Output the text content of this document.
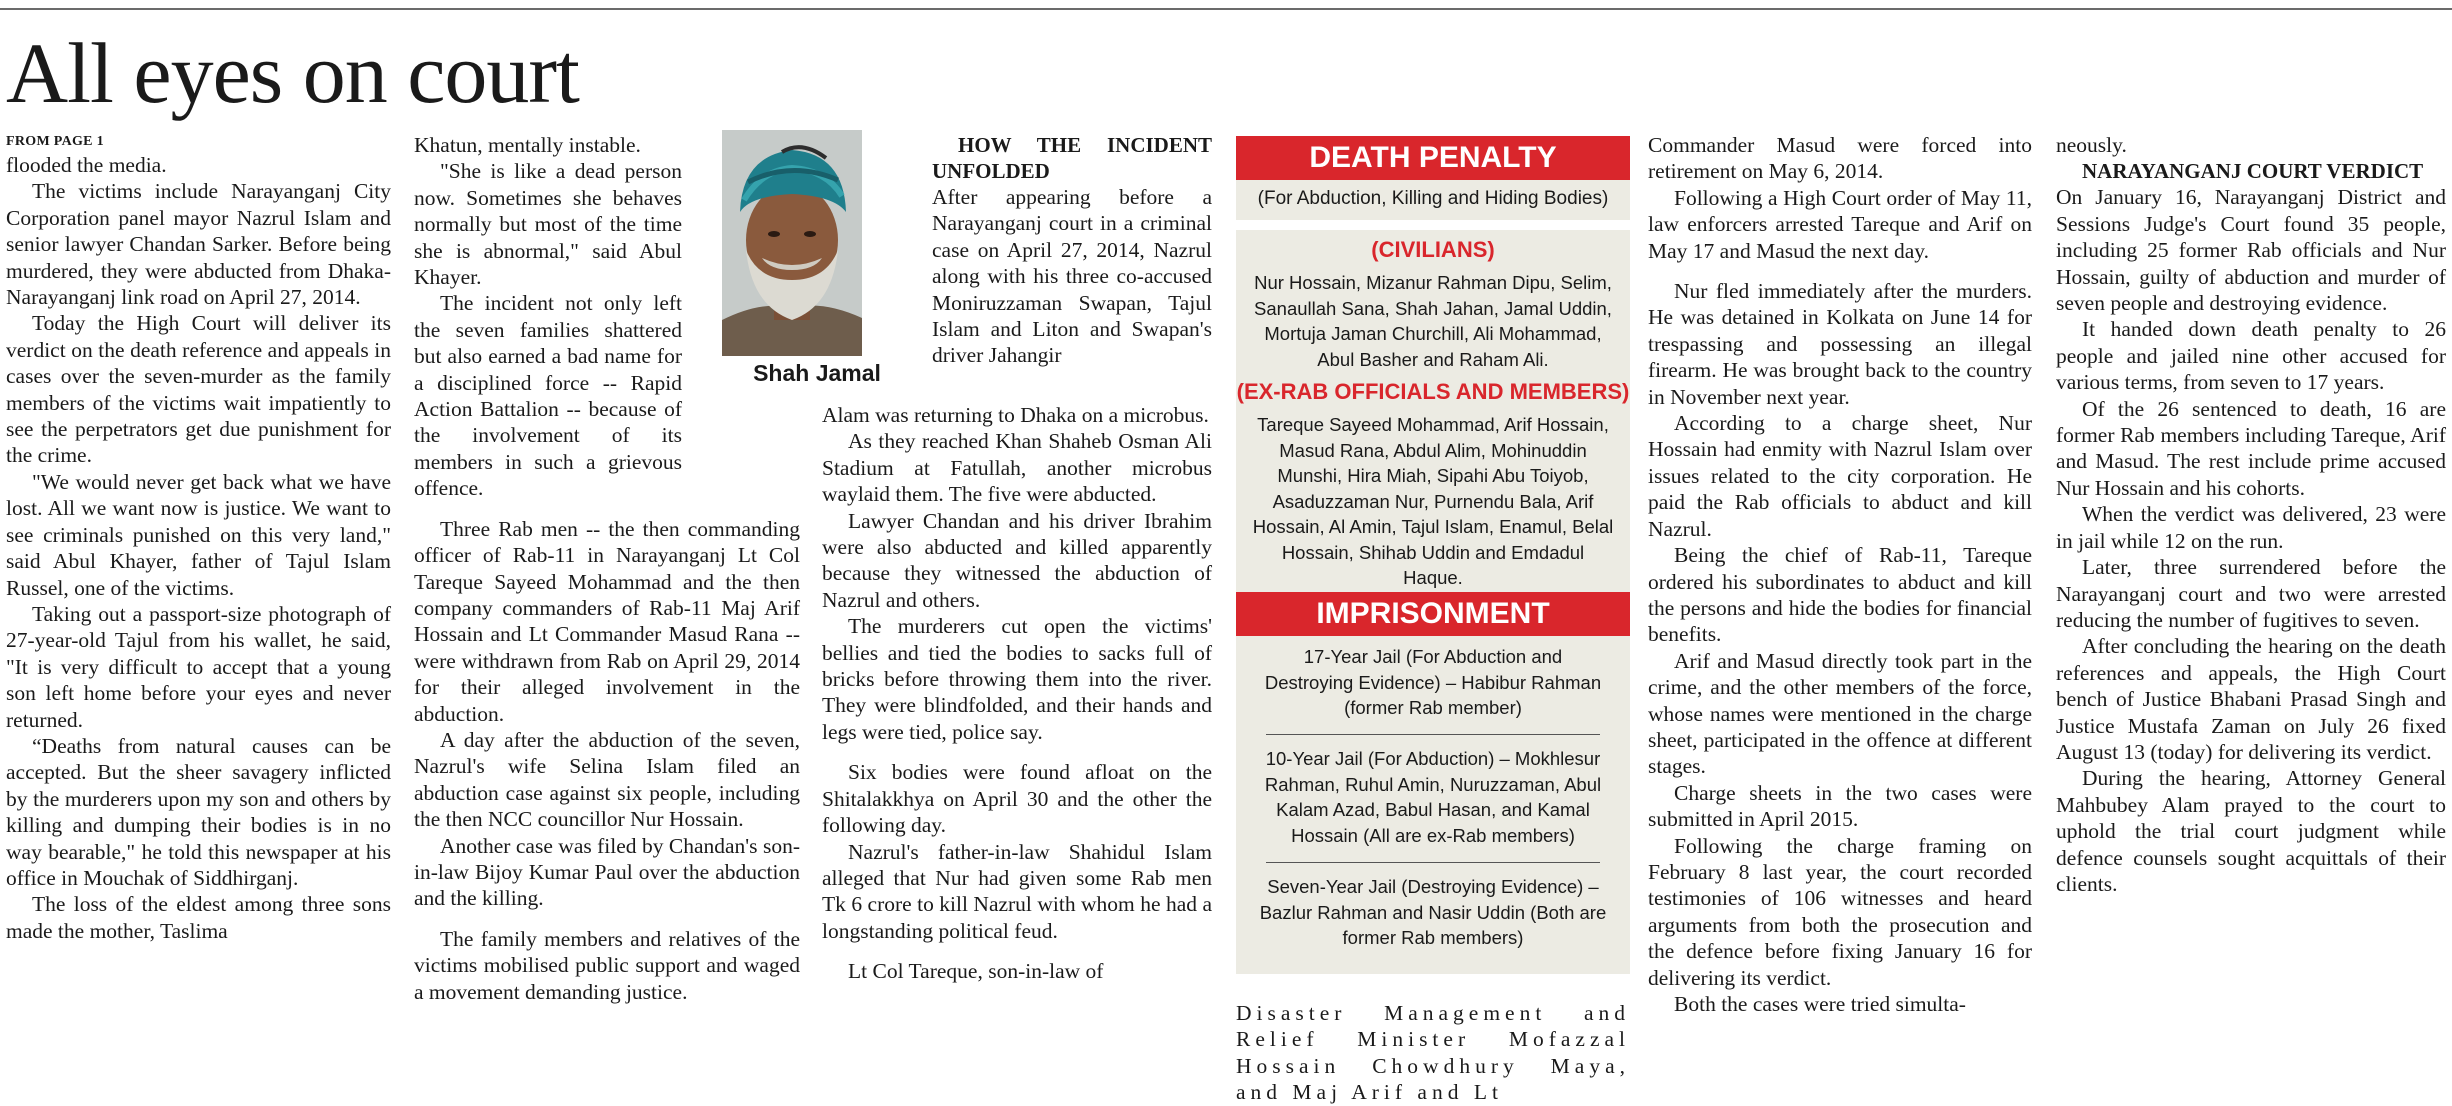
All eyes on court
FROM PAGE 1

flooded the media.

The victims include Narayanganj City Corporation panel mayor Nazrul Islam and senior lawyer Chandan Sarker. Before being murdered, they were abducted from Dhaka-Narayanganj link road on April 27, 2014.

Today the High Court will deliver its verdict on the death reference and appeals in cases over the seven-murder as the family members of the victims wait impatiently to see the perpetrators get due punishment for the crime.

"We would never get back what we have lost. All we want now is justice. We want to see criminals punished on this very land," said Abul Khayer, father of Tajul Islam Russel, one of the victims.

Taking out a passport-size photograph of 27-year-old Tajul from his wallet, he said, "It is very difficult to accept that a young son left home before your eyes and never returned.

“Deaths from natural causes can be accepted. But the sheer savagery inflicted by the murderers upon my son and others by killing and dumping their bodies is in no way bearable," he told this newspaper at his office in Mouchak of Siddhirganj.

The loss of the eldest among three sons made the mother, Taslima

Khatun, mentally instable.

"She is like a dead person now. Sometimes she behaves normally but most of the time she is abnormal," said Abul Khayer.

The incident not only left the seven families shattered but also earned a bad name for a disciplined force -- Rapid Action Battalion -- because of the involvement of its members in such a grievous offence.

Three Rab men -- the then commanding officer of Rab-11 in Narayanganj Lt Col Tareque Sayeed Mohammad and the then company commanders of Rab-11 Maj Arif Hossain and Lt Commander Masud Rana -- were withdrawn from Rab on April 29, 2014 for their alleged involvement in the abduction.

A day after the abduction of the seven, Nazrul's wife Selina Islam filed an abduction case against six people, including the then NCC councillor Nur Hossain.

Another case was filed by Chandan's son-in-law Bijoy Kumar Paul over the abduction and the killing.

The family members and relatives of the victims mobilised public support and waged a movement demanding justice.

Shah Jamal

HOW THE INCIDENT UNFOLDED

After appearing before a Narayanganj court in a criminal case on April 27, 2014, Nazrul along with his three co-accused Moniruzzaman Swapan, Tajul Islam and Liton and Swapan's driver Jahangir

Alam was returning to Dhaka on a microbus.

As they reached Khan Shaheb Osman Ali Stadium at Fatullah, another microbus waylaid them. The five were abducted.

Lawyer Chandan and his driver Ibrahim were also abducted and killed apparently because they witnessed the abduction of Nazrul and others.

The murderers cut open the victims' bellies and tied the bodies to sacks full of bricks before throwing them into the river. They were blindfolded, and their hands and legs were tied, police say.

Six bodies were found afloat on the Shitalakkhya on April 30 and the other the following day.

Nazrul's father-in-law Shahidul Islam alleged that Nur had given some Rab men Tk 6 crore to kill Nazrul with whom he had a longstanding political feud.

Lt Col Tareque, son-in-law of

DEATH PENALTY
(For Abduction, Killing and Hiding Bodies)
(CIVILIANS)
Nur Hossain, Mizanur Rahman Dipu, Selim, Sanaullah Sana, Shah Jahan, Jamal Uddin, Mortuja Jaman Churchill, Ali Mohammad, Abul Basher and Raham Ali.
(EX-RAB OFFICIALS AND MEMBERS)
Tareque Sayeed Mohammad, Arif Hossain, Masud Rana, Abdul Alim, Mohinuddin Munshi, Hira Miah, Sipahi Abu Toiyob, Asaduzzaman Nur, Purnendu Bala, Arif Hossain, Al Amin, Tajul Islam, Enamul, Belal Hossain, Shihab Uddin and Emdadul Haque.
IMPRISONMENT
17-Year Jail (For Abduction and Destroying Evidence) – Habibur Rahman (former Rab member)
10-Year Jail (For Abduction) – Mokhlesur Rahman, Ruhul Amin, Nuruzzaman, Abul Kalam Azad, Babul Hasan, and Kamal Hossain (All are ex-Rab members)
Seven-Year Jail (Destroying Evidence) – Bazlur Rahman and Nasir Uddin (Both are former Rab members)

Disaster Management and Relief Minister Mofazzal Hossain Chowdhury Maya, and Maj Arif and Lt

Commander Masud were forced into retirement on May 6, 2014.

Following a High Court order of May 11, law enforcers arrested Tareque and Arif on May 17 and Masud the next day.

Nur fled immediately after the murders. He was detained in Kolkata on June 14 for trespassing and possessing an illegal firearm. He was brought back to the country in November next year.

According to a charge sheet, Nur Hossain had enmity with Nazrul Islam over issues related to the city corporation. He paid the Rab officials to abduct and kill Nazrul.

Being the chief of Rab-11, Tareque ordered his subordinates to abduct and kill the persons and hide the bodies for financial benefits.

Arif and Masud directly took part in the crime, and the other members of the force, whose names were mentioned in the charge sheet, participated in the offence at different stages.

Charge sheets in the two cases were submitted in April 2015.

Following the charge framing on February 8 last year, the court recorded testimonies of 106 witnesses and heard arguments from both the prosecution and the defence before fixing January 16 for delivering its verdict.

Both the cases were tried simulta-

neously.

NARAYANGANJ COURT VERDICT

On January 16, Narayanganj District and Sessions Judge's Court found 35 people, including 25 former Rab officials and Nur Hossain, guilty of abduction and murder of seven people and destroying evidence.

It handed down death penalty to 26 people and jailed nine other accused for various terms, from seven to 17 years.

Of the 26 sentenced to death, 16 are former Rab members including Tareque, Arif and Masud. The rest include prime accused Nur Hossain and his cohorts.

When the verdict was delivered, 23 were in jail while 12 on the run.

Later, three surrendered before the Narayanganj court and two were arrested reducing the number of fugitives to seven.

After concluding the hearing on the death references and appeals, the High Court bench of Justice Bhabani Prasad Singh and Justice Mustafa Zaman on July 26 fixed August 13 (today) for delivering its verdict.

During the hearing, Attorney General Mahbubey Alam prayed to the court to uphold the trial court judgment while defence counsels sought acquittals of their clients.
